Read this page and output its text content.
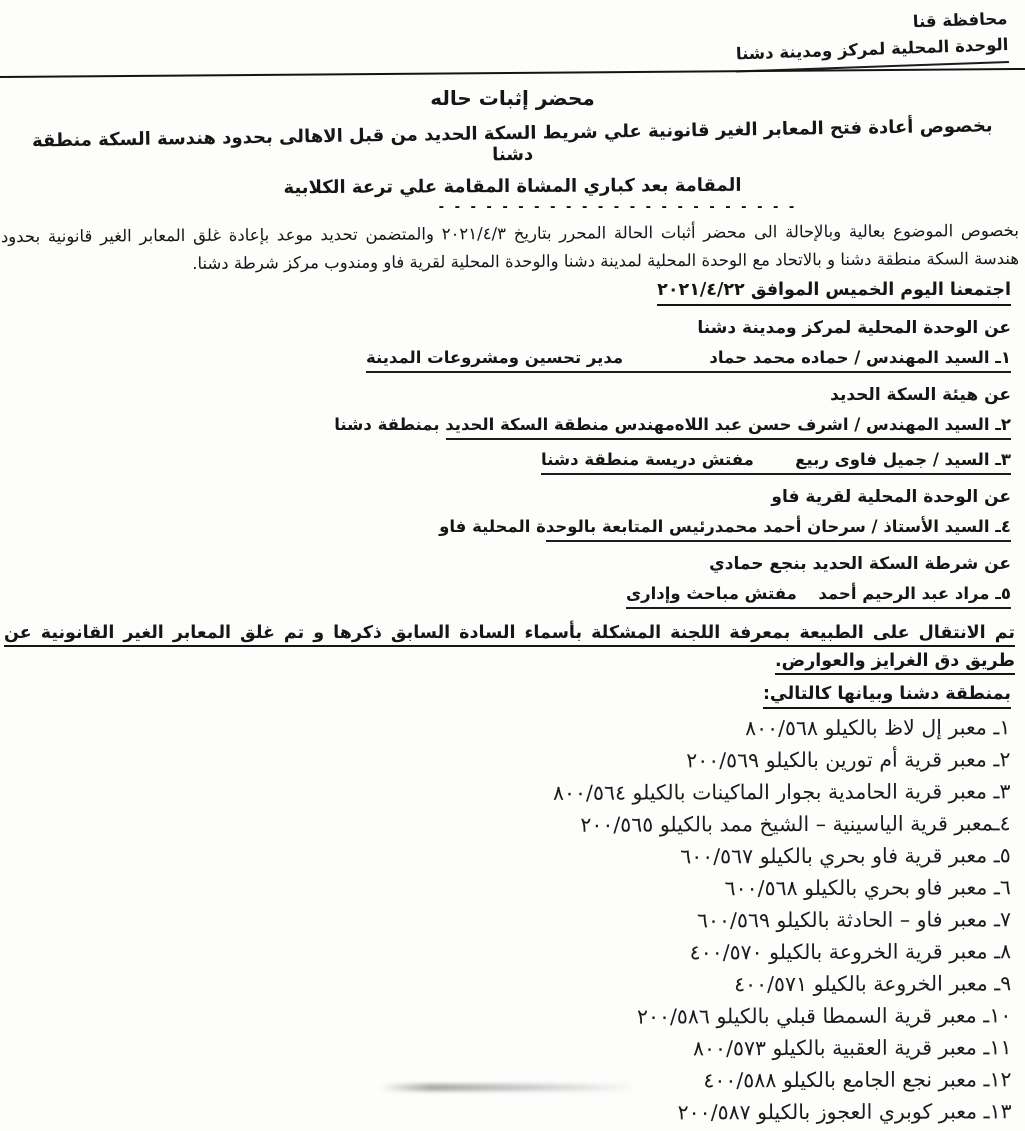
محافظة قنا
الوحدة المحلية لمركز ومدينة دشنا
محضر إثبات حاله
بخصوص أعادة فتح المعابر الغير قانونية علي شريط السكة الحديد من قبل الاهالى بحدود هندسة السكة منطقة دشنا
المقامة بعد كباري المشاة المقامة علي ترعة الكلابية
- - - - - - - - - - - - - - - - - - - - - - -
بخصوص الموضوع بعالية وبالإحالة الى محضر أثبات الحالة المحرر بتاريخ ٢٠٢١/٤/٣ والمتضمن تحديد موعد بإعادة غلق المعابر الغير قانونية بحدود هندسة السكة منطقة دشنا و بالاتحاد مع الوحدة المحلية لمدينة دشنا والوحدة المحلية لقرية فاو ومندوب مركز شرطة دشنا.
اجتمعنا اليوم الخميس الموافق ٢٠٢١/٤/٢٢
عن الوحدة المحلية لمركز ومدينة دشنا
١ـ السيد المهندس / حماده محمد حماد
مدير تحسين ومشروعات المدينة
عن هيئة السكة الحديد
٢ـ السيد المهندس / اشرف حسن عبد اللاه
مهندس منطقة السكة الحديد بمنطقة دشنا
٣ـ السيد / جميل فاوى ربيع
مفتش دريسة منطقة دشنا
عن الوحدة المحلية لقرية فاو
٤ـ السيد الأستاذ / سرحان أحمد محمد
رئيس المتابعة بالوحدة المحلية فاو
عن شرطة السكة الحديد بنجع حمادي
٥ـ مراد عبد الرحيم أحمد
مفتش مباحث وإدارى
تم الانتقال على الطبيعة بمعرفة اللجنة المشكلة بأسماء السادة السابق ذكرها و تم غلق المعابر الغير القانونية عن طريق دق الغرايز والعوارض.
بمنطقة دشنا وبيانها كالتالي:
١ـ معبر إل لاظ بالكيلو ٨٠٠/٥٦٨
٢ـ معبر قرية أم تورين بالكيلو ٢٠٠/٥٦٩
٣ـ معبر قرية الحامدية بجوار الماكينات بالكيلو ٨٠٠/٥٦٤
٤ـمعبر قرية الياسينية – الشيخ ممد بالكيلو ٢٠٠/٥٦٥
٥ـ معبر قرية فاو بحري بالكيلو ٦٠٠/٥٦٧
٦ـ معبر فاو بحري بالكيلو ٦٠٠/٥٦٨
٧ـ معبر فاو – الحادثة بالكيلو ٦٠٠/٥٦٩
٨ـ معبر قرية الخروعة بالكيلو ٤٠٠/٥٧٠
٩ـ معبر الخروعة بالكيلو ٤٠٠/٥٧١
١٠ـ معبر قرية السمطا قبلي بالكيلو ٢٠٠/٥٨٦
١١ـ معبر قرية العقبية بالكيلو ٨٠٠/٥٧٣
١٢ـ معبر نجع الجامع بالكيلو ٤٠٠/٥٨٨
١٣ـ معبر كوبري العجوز بالكيلو ٢٠٠/٥٨٧
